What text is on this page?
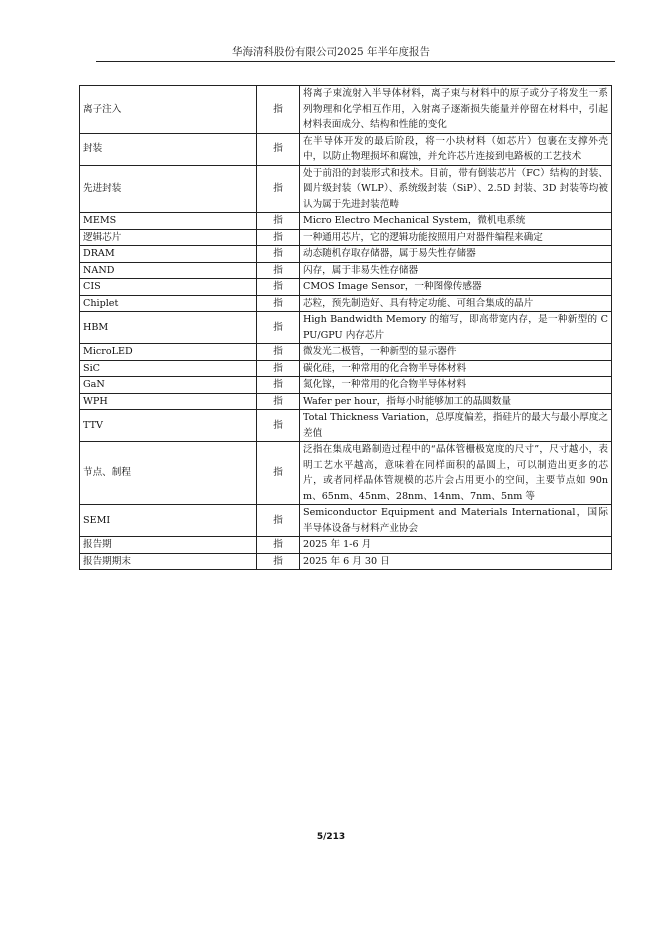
华海清科股份有限公司2025 年半年度报告
离子注入	指	将离子束流射入半导体材料，离子束与材料中的原子或分子将发生一系列物理和化学相互作用，入射离子逐渐损失能量并停留在材料中，引起材料表面成分、结构和性能的变化
封装	指	在半导体开发的最后阶段，将一小块材料（如芯片）包裹在支撑外壳中，以防止物理损坏和腐蚀，并允许芯片连接到电路板的工艺技术
先进封装	指	处于前沿的封装形式和技术。目前，带有倒装芯片（FC）结构的封装、圆片级封装（WLP）、系统级封装（SiP）、2.5D 封装、3D 封装等均被认为属于先进封装范畴
MEMS	指	Micro Electro Mechanical System，微机电系统
逻辑芯片	指	一种通用芯片，它的逻辑功能按照用户对器件编程来确定
DRAM	指	动态随机存取存储器，属于易失性存储器
NAND	指	闪存，属于非易失性存储器
CIS	指	CMOS Image Sensor，一种图像传感器
Chiplet	指	芯粒，预先制造好、具有特定功能、可组合集成的晶片
HBM	指	High Bandwidth Memory 的缩写，即高带宽内存，是一种新型的 CPU/GPU 内存芯片
MicroLED	指	微发光二极管，一种新型的显示器件
SiC	指	碳化硅，一种常用的化合物半导体材料
GaN	指	氮化镓，一种常用的化合物半导体材料
WPH	指	Wafer per hour，指每小时能够加工的晶圆数量
TTV	指	Total Thickness Variation，总厚度偏差，指硅片的最大与最小厚度之差值
节点、制程	指	泛指在集成电路制造过程中的“晶体管栅极宽度的尺寸”，尺寸越小，表明工艺水平越高，意味着在同样面积的晶圆上，可以制造出更多的芯片，或者同样晶体管规模的芯片会占用更小的空间，主要节点如 90nm、65nm、45nm、28nm、14nm、7nm、5nm 等
SEMI	指	Semiconductor Equipment and Materials International，国际半导体设备与材料产业协会
报告期	指	2025 年 1-6 月
报告期期末	指	2025 年 6 月 30 日
5/213
